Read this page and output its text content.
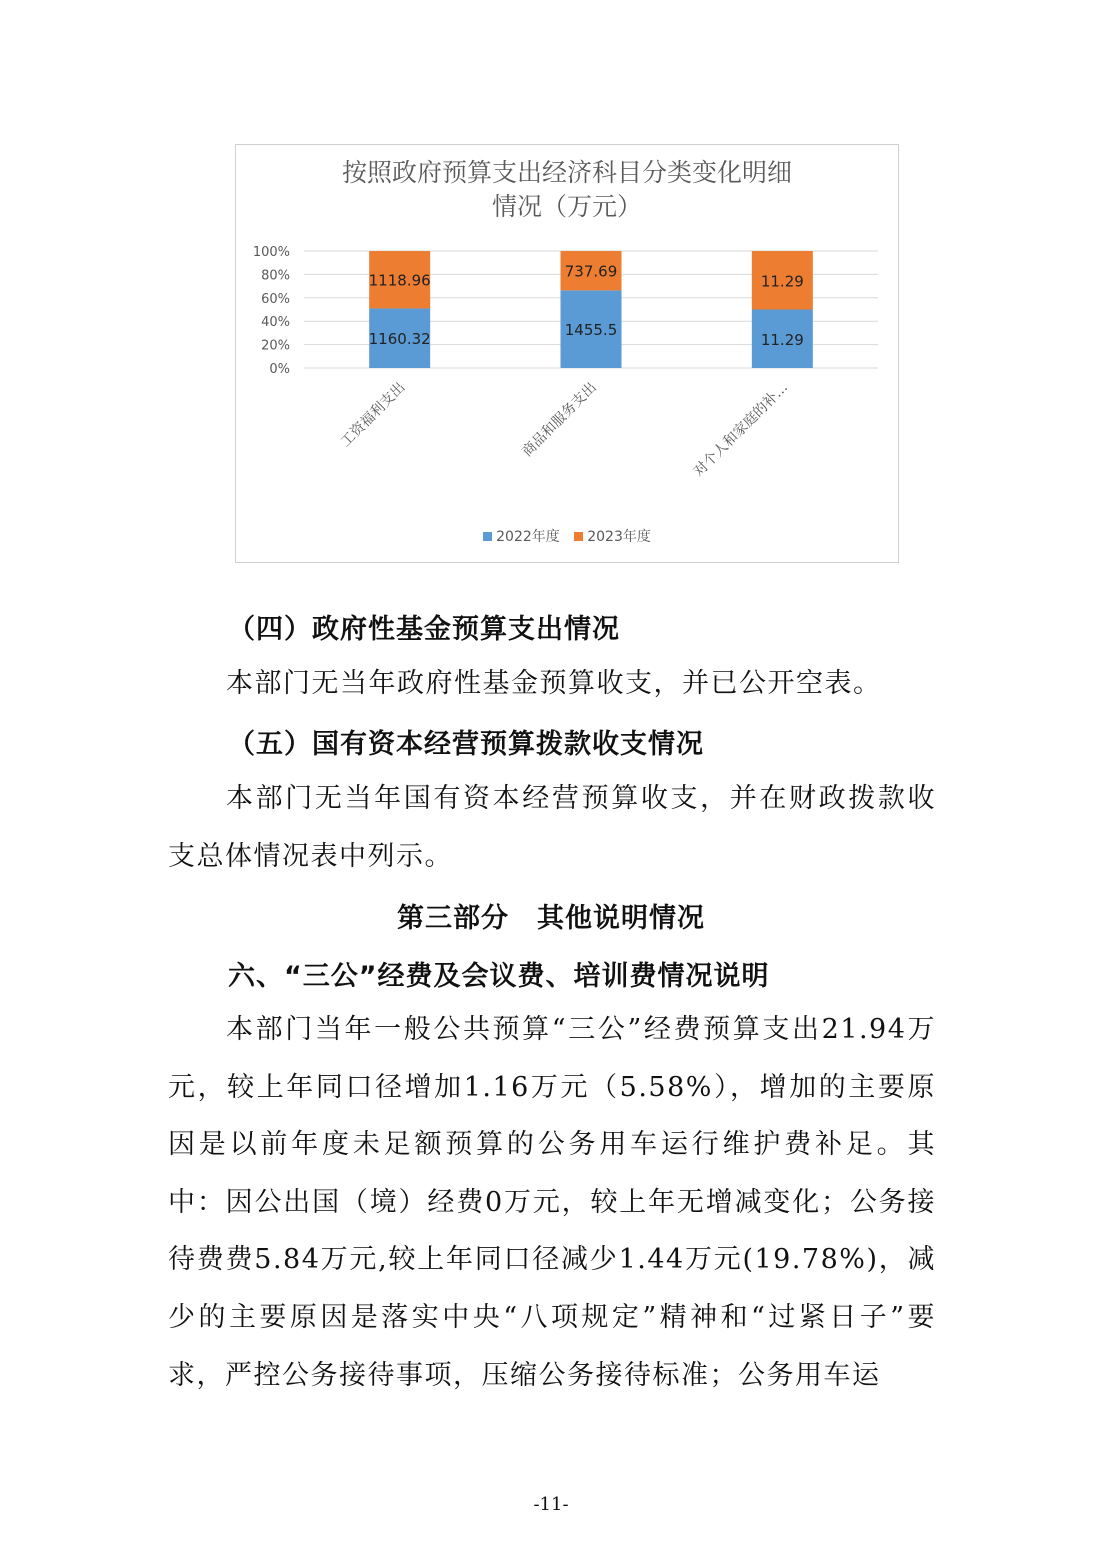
按照政府预算支出经济科目分类变化明细
情况（万元）
0%
20%
40%
60%
80%
100%
1160.32
1118.96
工资福利支出
1455.5
737.69
商品和服务支出
11.29
11.29
对个人和家庭的补…
2022年度 2023年度
（四）政府性基金预算支出情况

本部门无当年政府性基金预算收支，并已公开空表。

（五）国有资本经营预算拨款收支情况

本部门无当年国有资本经营预算收支，并在财政拨款收支总体情况表中列示。

第三部分　其他说明情况
六、“三公”经费及会议费、培训费情况说明

本部门当年一般公共预算“三公”经费预算支出21.94万元，较上年同口径增加1.16万元（5.58%），增加的主要原因是以前年度未足额预算的公务用车运行维护费补足。其中：因公出国（境）经费0万元，较上年无增减变化；公务接待费费5.84万元,较上年同口径减少1.44万元(19.78%)，减少的主要原因是落实中央“八项规定”精神和“过紧日子”要求，严控公务接待事项，压缩公务接待标准；公务用车运

-11-
